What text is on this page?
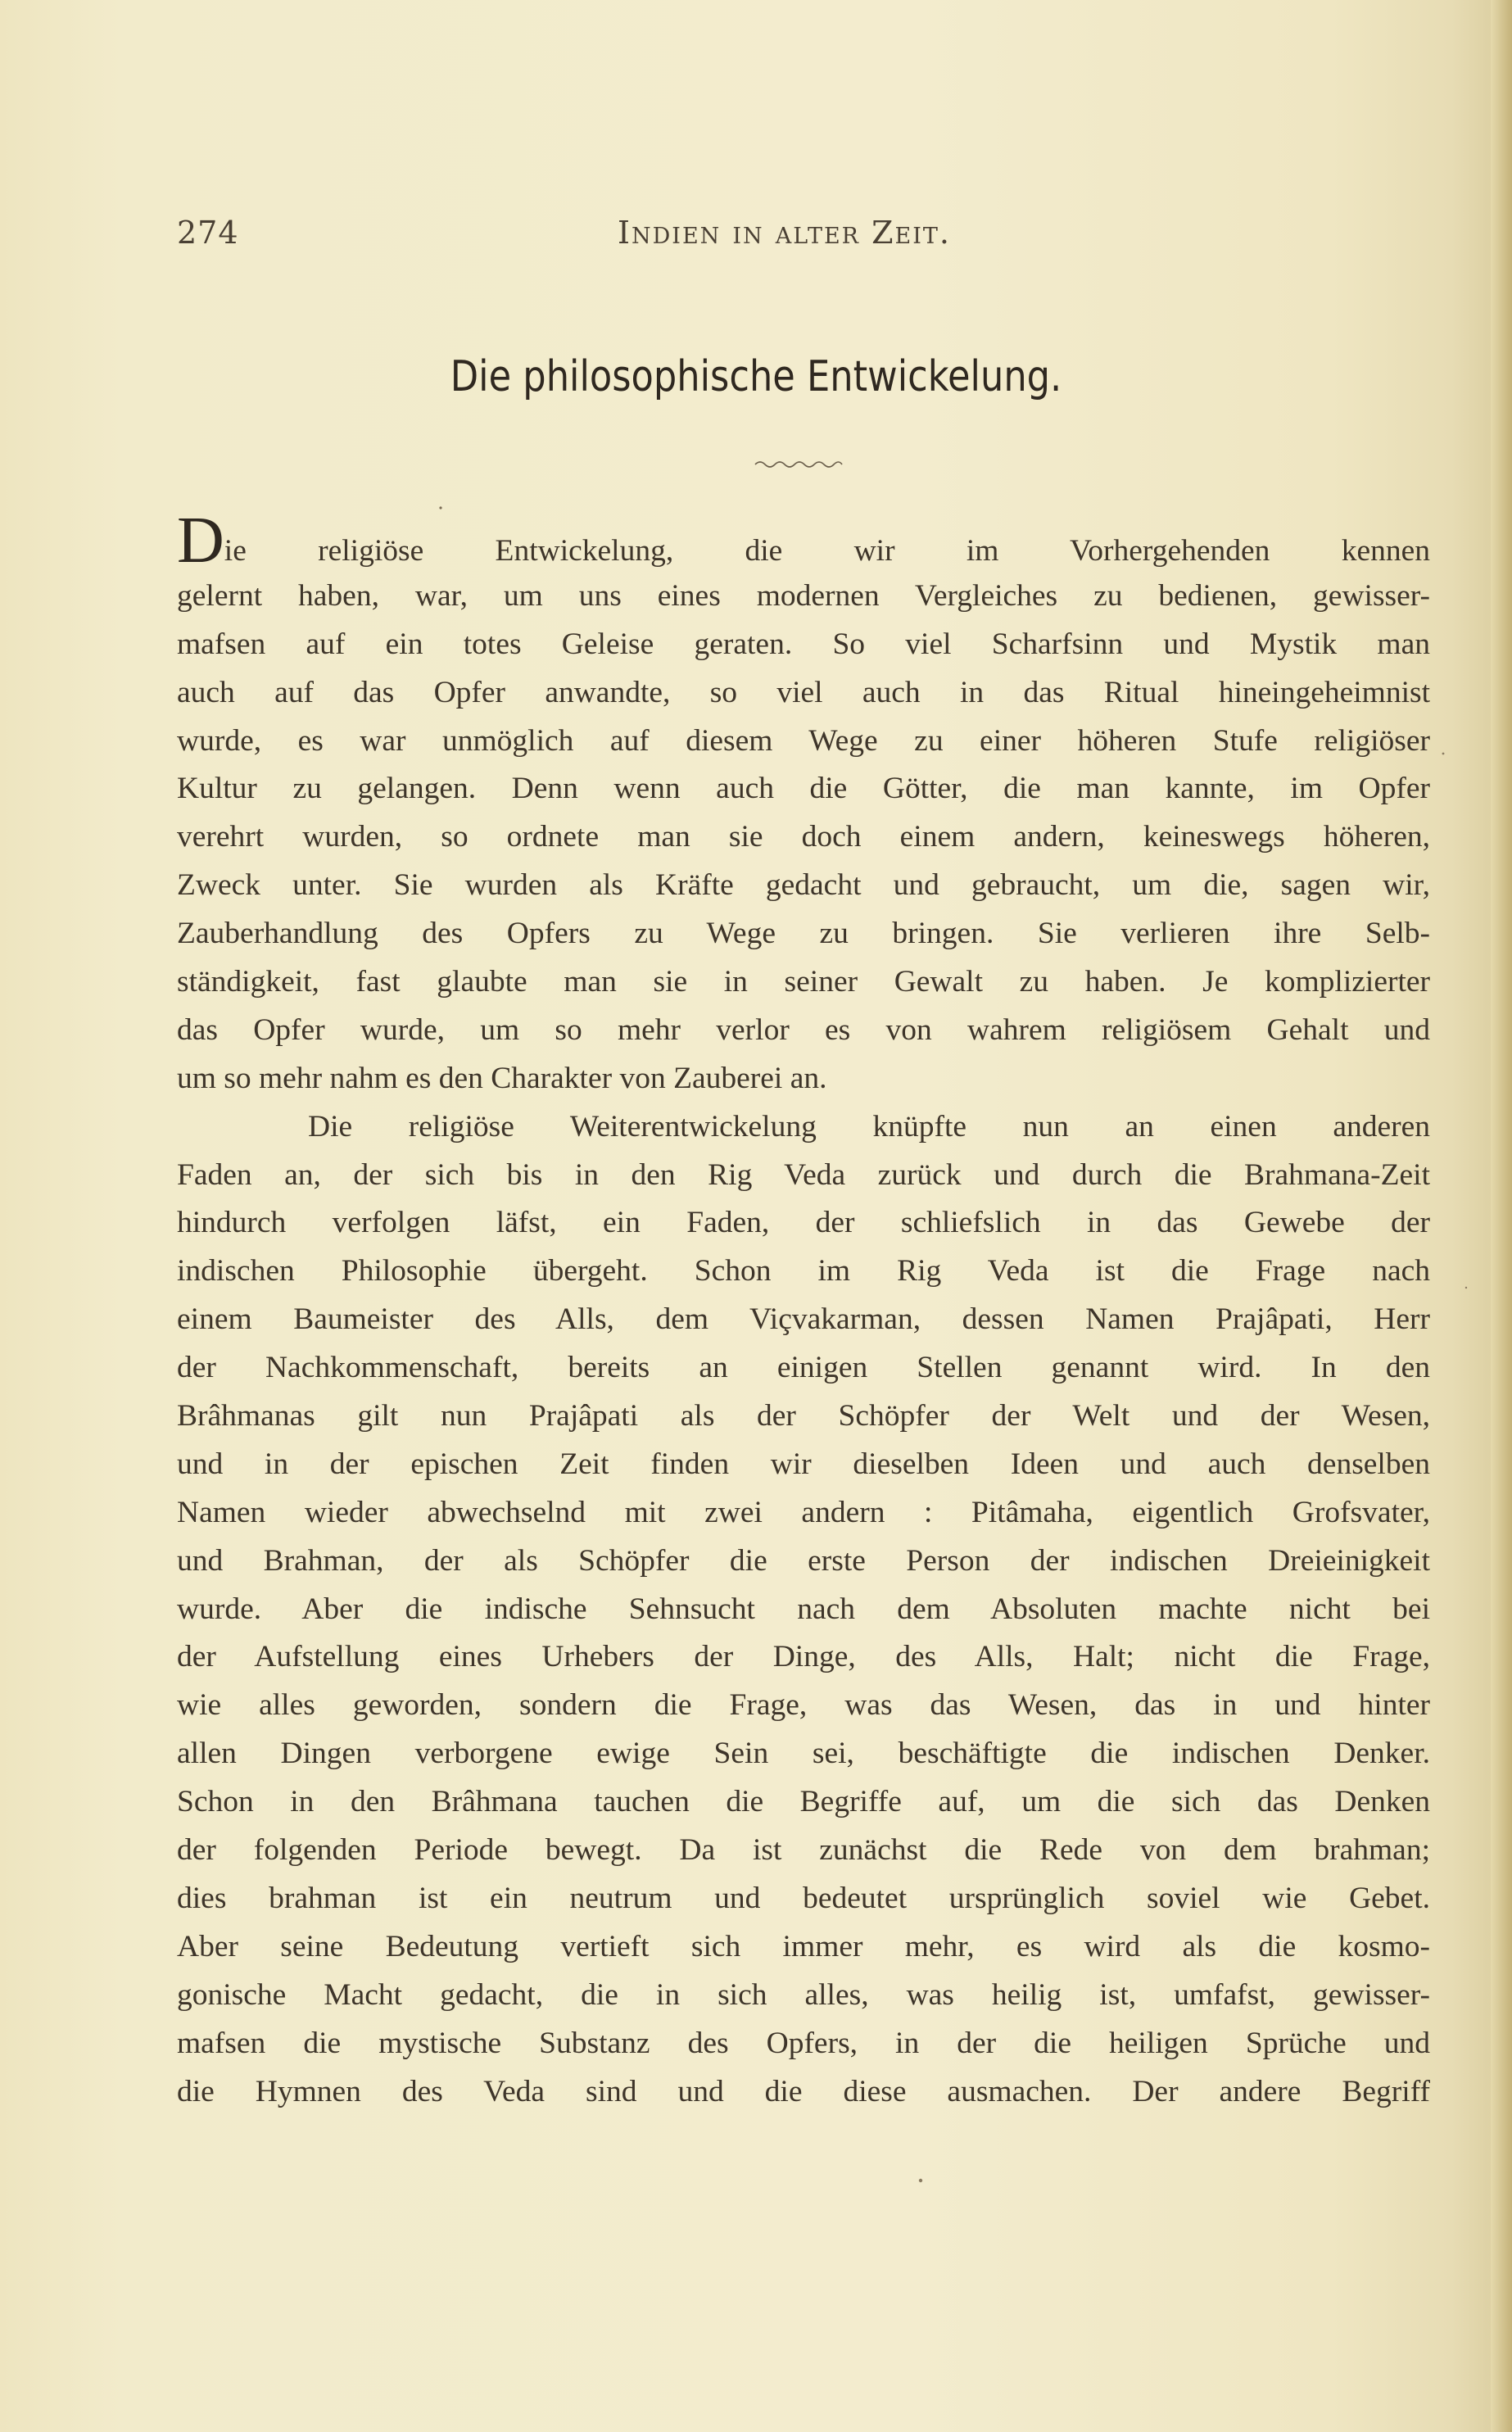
274	Indien in alter Zeit.
Die philosophische Entwickelung.
Die religiöse Entwickelung, die wir im Vorhergehenden kennen
gelernt haben, war, um uns eines modernen Vergleiches zu bedienen, gewisser-
mafsen auf ein totes Geleise geraten. So viel Scharfsinn und Mystik man
auch auf das Opfer anwandte, so viel auch in das Ritual hineingeheimnist
wurde, es war unmöglich auf diesem Wege zu einer höheren Stufe religiöser
Kultur zu gelangen. Denn wenn auch die Götter, die man kannte, im Opfer
verehrt wurden, so ordnete man sie doch einem andern, keineswegs höheren,
Zweck unter. Sie wurden als Kräfte gedacht und gebraucht, um die, sagen wir,
Zauberhandlung des Opfers zu Wege zu bringen. Sie verlieren ihre Selb-
ständigkeit, fast glaubte man sie in seiner Gewalt zu haben. Je komplizierter
das Opfer wurde, um so mehr verlor es von wahrem religiösem Gehalt und
um so mehr nahm es den Charakter von Zauberei an.
Die religiöse Weiterentwickelung knüpfte nun an einen anderen
Faden an, der sich bis in den Rig Veda zurück und durch die Brahmana-Zeit
hindurch verfolgen läfst, ein Faden, der schliefslich in das Gewebe der
indischen Philosophie übergeht. Schon im Rig Veda ist die Frage nach
einem Baumeister des Alls, dem Viçvakarman, dessen Namen Prajâpati, Herr
der Nachkommenschaft, bereits an einigen Stellen genannt wird. In den
Brâhmanas gilt nun Prajâpati als der Schöpfer der Welt und der Wesen,
und in der epischen Zeit finden wir dieselben Ideen und auch denselben
Namen wieder abwechselnd mit zwei andern : Pitâmaha, eigentlich Grofsvater,
und Brahman, der als Schöpfer die erste Person der indischen Dreieinigkeit
wurde. Aber die indische Sehnsucht nach dem Absoluten machte nicht bei
der Aufstellung eines Urhebers der Dinge, des Alls, Halt; nicht die Frage,
wie alles geworden, sondern die Frage, was das Wesen, das in und hinter
allen Dingen verborgene ewige Sein sei, beschäftigte die indischen Denker.
Schon in den Brâhmana tauchen die Begriffe auf, um die sich das Denken
der folgenden Periode bewegt. Da ist zunächst die Rede von dem brahman;
dies brahman ist ein neutrum und bedeutet ursprünglich soviel wie Gebet.
Aber seine Bedeutung vertieft sich immer mehr, es wird als die kosmo-
gonische Macht gedacht, die in sich alles, was heilig ist, umfafst, gewisser-
mafsen die mystische Substanz des Opfers, in der die heiligen Sprüche und
die Hymnen des Veda sind und die diese ausmachen. Der andere Begriff
